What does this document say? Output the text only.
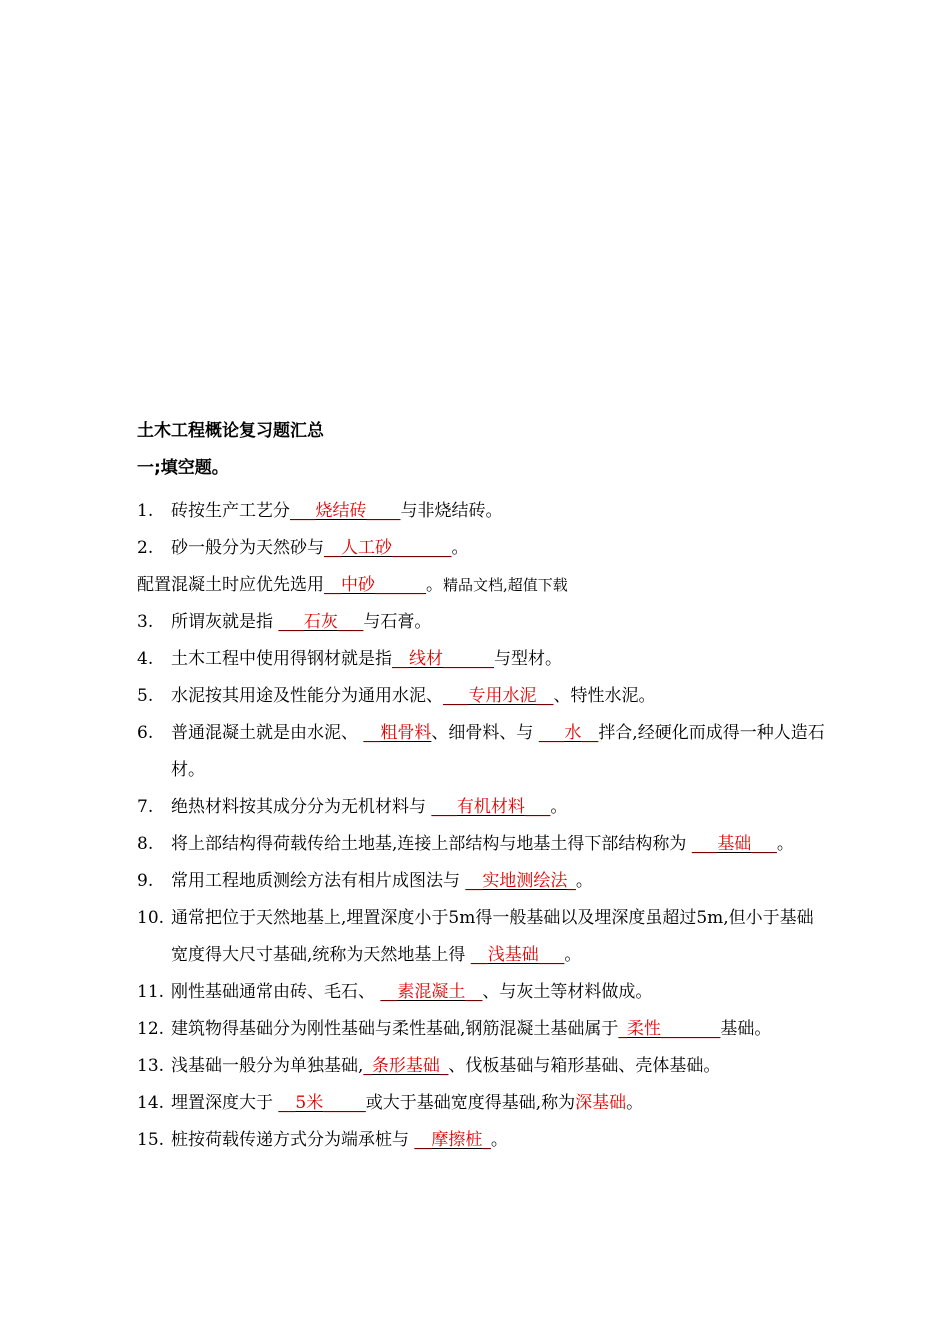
土木工程概论复习题汇总
一;填空题。
1.	砖按生产工艺分___烧结砖____与非烧结砖。
2.	砂一般分为天然砂与__人工砂_______。
配置混凝土时应优先选用__中砂______。精品文档,超值下载
3.	所谓灰就是指 ___石灰___与石膏。
4.	土木工程中使用得钢材就是指__线材______与型材。
5.	水泥按其用途及性能分为通用水泥、___专用水泥__、特性水泥。
6.	普通混凝土就是由水泥、 __粗骨料、细骨料、与 ___水__拌合,经硬化而成得一种人造石材。
7.	绝热材料按其成分分为无机材料与 ___有机材料___。
8.	将上部结构得荷载传给土地基,连接上部结构与地基土得下部结构称为 ___基础___。
9.	常用工程地质测绘方法有相片成图法与 __实地测绘法_。
10. 通常把位于天然地基上,埋置深度小于5m得一般基础以及埋深度虽超过5m,但小于基础宽度得大尺寸基础,统称为天然地基上得 __浅基础___。
11. 刚性基础通常由砖、毛石、 __素混凝土__、与灰土等材料做成。
12. 建筑物得基础分为刚性基础与柔性基础,钢筋混凝土基础属于_柔性_______基础。
13. 浅基础一般分为单独基础,_条形基础_、伐板基础与箱形基础、壳体基础。
14. 埋置深度大于 __5米_____或大于基础宽度得基础,称为深基础。
15. 桩按荷载传递方式分为端承桩与 __摩擦桩_。
